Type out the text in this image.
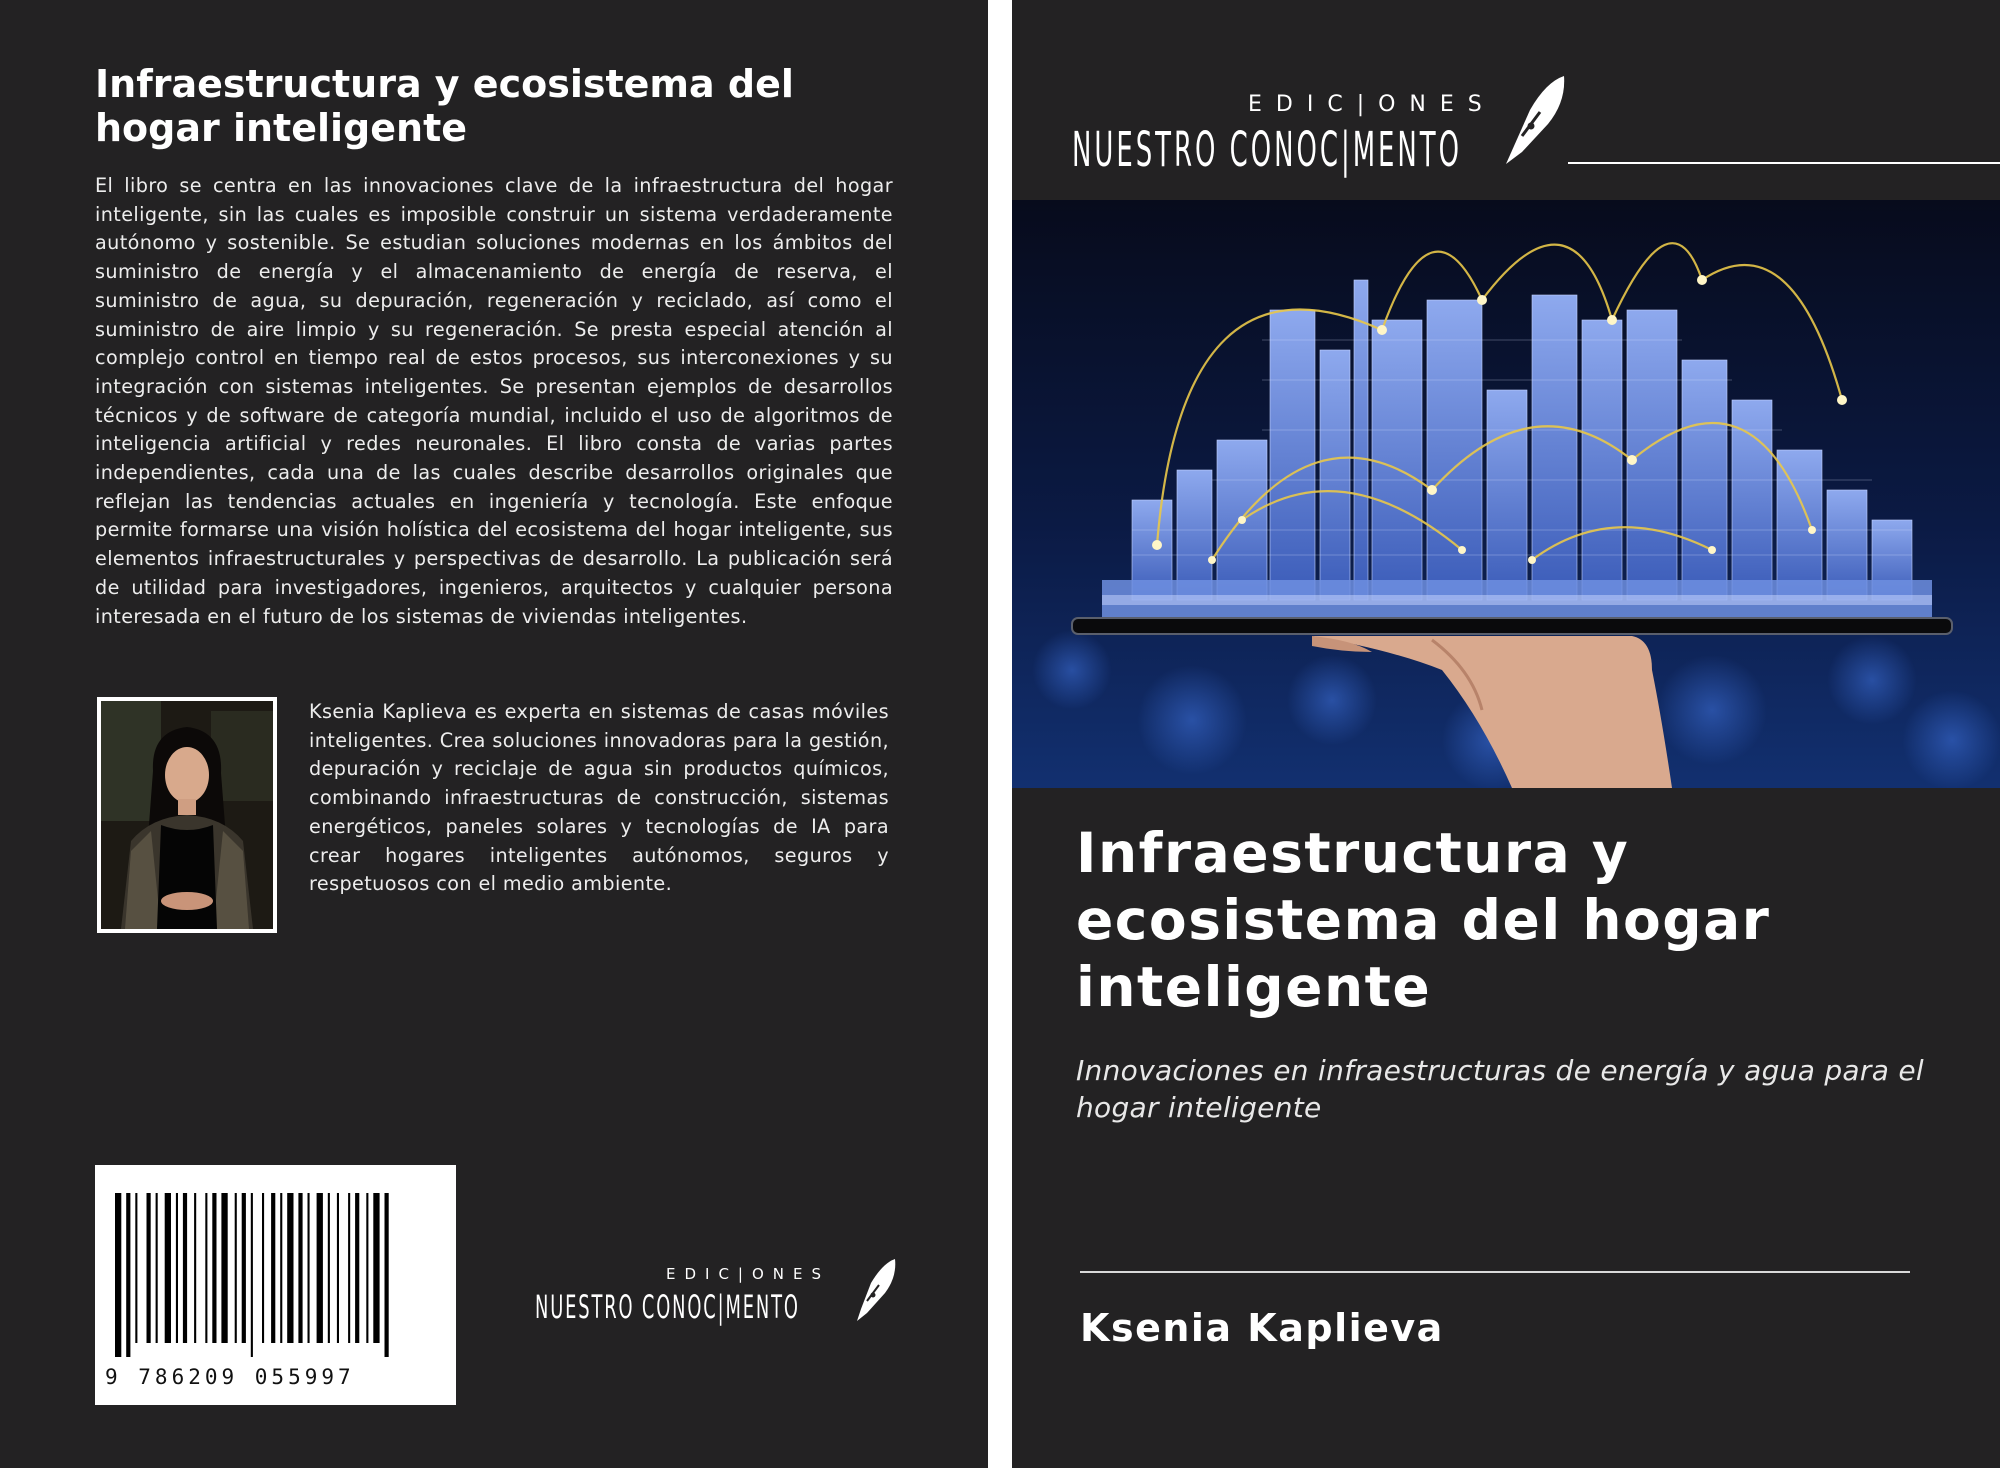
Infraestructura y ecosistema del hogar inteligente

El libro se centra en las innovaciones clave de la infraestructura del hogar inteligente, sin las cuales es imposible construir un sistema verdaderamente autónomo y sostenible. Se estudian soluciones modernas en los ámbitos del suministro de energía y el almacenamiento de energía de reserva, el suministro de agua, su depuración, regeneración y reciclado, así como el suministro de aire limpio y su regeneración. Se presta especial atención al complejo control en tiempo real de estos procesos, sus interconexiones y su integración con sistemas inteligentes. Se presentan ejemplos de desarrollos técnicos y de software de categoría mundial, incluido el uso de algoritmos de inteligencia artificial y redes neuronales. El libro consta de varias partes independientes, cada una de las cuales describe desarrollos originales que reflejan las tendencias actuales en ingeniería y tecnología. Este enfoque permite formarse una visión holística del ecosistema del hogar inteligente, sus elementos infraestructurales y perspectivas de desarrollo. La publicación será de utilidad para investigadores, ingenieros, arquitectos y cualquier persona interesada en el futuro de los sistemas de viviendas inteligentes.

Ksenia Kaplieva es experta en sistemas de casas móviles inteligentes. Crea soluciones innovadoras para la gestión, depuración y reciclaje de agua sin productos químicos, combinando infraestructuras de construcción, sistemas energéticos, paneles solares y tecnologías de IA para crear hogares inteligentes autónomos, seguros y respetuosos con el medio ambiente.

9 786209 055997
EDIC|ONES
NUESTRO CONOC|MENTO
EDIC|ONES
NUESTRO CONOC|MENTO
Infraestructura y ecosistema del hogar inteligente

Innovaciones en infraestructuras de energía y agua para el hogar inteligente

Ksenia Kaplieva
